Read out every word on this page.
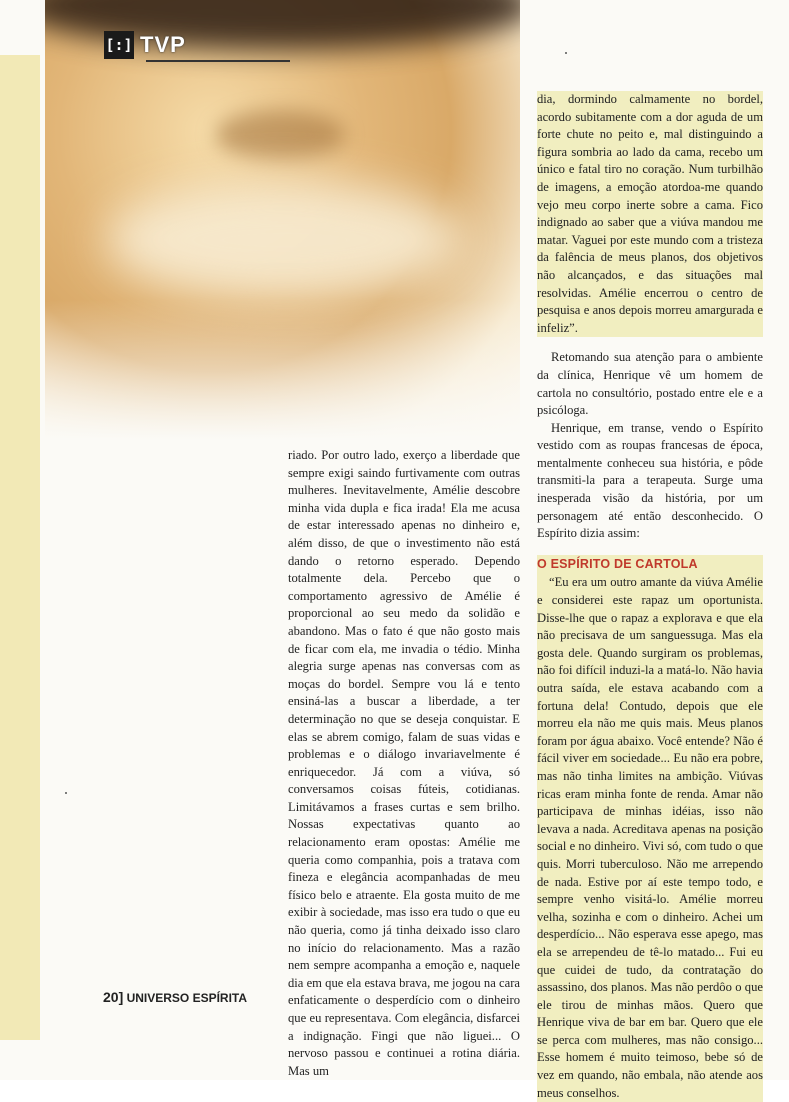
[:] TVP

riado. Por outro lado, exerço a liberdade que sempre exigi saindo furtivamente com outras mulheres. Inevitavelmente, Amélie descobre minha vida dupla e fica irada! Ela me acusa de estar interessado apenas no dinheiro e, além disso, de que o investimento não está dando o retorno esperado. Dependo totalmente dela. Percebo que o comportamento agressivo de Amélie é proporcional ao seu medo da solidão e abandono. Mas o fato é que não gosto mais de ficar com ela, me invadia o tédio. Minha alegria surge apenas nas conversas com as moças do bordel. Sempre vou lá e tento ensiná-las a buscar a liberdade, a ter determinação no que se deseja conquistar. E elas se abrem comigo, falam de suas vidas e problemas e o diálogo invariavelmente é enriquecedor. Já com a viúva, só conversamos coisas fúteis, cotidianas. Limitávamos a frases curtas e sem brilho. Nossas expectativas quanto ao relacionamento eram opostas: Amélie me queria como companhia, pois a tratava com fineza e elegância acompanhadas de meu físico belo e atraente. Ela gosta muito de me exibir à sociedade, mas isso era tudo o que eu não queria, como já tinha deixado isso claro no início do relacionamento. Mas a razão nem sempre acompanha a emoção e, naquele dia em que ela estava brava, me jogou na cara enfaticamente o desperdício com o dinheiro que eu representava. Com elegância, disfarcei a indignação. Fingi que não liguei... O nervoso passou e continuei a rotina diária. Mas um

dia, dormindo calmamente no bordel, acordo subitamente com a dor aguda de um forte chute no peito e, mal distinguindo a figura sombria ao lado da cama, recebo um único e fatal tiro no coração. Num turbilhão de imagens, a emoção atordoa-me quando vejo meu corpo inerte sobre a cama. Fico indignado ao saber que a viúva mandou me matar. Vaguei por este mundo com a tristeza da falência de meus planos, dos objetivos não alcançados, e das situações mal resolvidas. Amélie encerrou o centro de pesquisa e anos depois morreu amargurada e infeliz”.

Retomando sua atenção para o ambiente da clínica, Henrique vê um homem de cartola no consultório, postado entre ele e a psicóloga.

Henrique, em transe, vendo o Espírito vestido com as roupas francesas de época, mentalmente conheceu sua história, e pôde transmiti-la para a terapeuta. Surge uma inesperada visão da história, por um personagem até então desconhecido. O Espírito dizia assim:

O ESPÍRITO DE CARTOLA

“Eu era um outro amante da viúva Amélie e considerei este rapaz um oportunista. Disse-lhe que o rapaz a explorava e que ela não precisava de um sanguessuga. Mas ela gosta dele. Quando surgiram os problemas, não foi difícil induzi-la a matá-lo. Não havia outra saída, ele estava acabando com a fortuna dela! Contudo, depois que ele morreu ela não me quis mais. Meus planos foram por água abaixo. Você entende? Não é fácil viver em sociedade... Eu não era pobre, mas não tinha limites na ambição. Viúvas ricas eram minha fonte de renda. Amar não participava de minhas idéias, isso não levava a nada. Acreditava apenas na posição social e no dinheiro. Vivi só, com tudo o que quis. Morri tuberculoso. Não me arrependo de nada. Estive por aí este tempo todo, e sempre venho visitá-lo. Amélie morreu velha, sozinha e com o dinheiro. Achei um desperdício... Não esperava esse apego, mas ela se arrependeu de tê-lo matado... Fui eu que cuidei de tudo, da contratação do assassino, dos planos. Mas não perdôo o que ele tirou de minhas mãos. Quero que Henrique viva de bar em bar. Quero que ele se perca com mulheres, mas não consigo... Esse homem é muito teimoso, bebe só de vez em quando, não embala, não atende aos meus conselhos.

20] UNIVERSO ESPÍRITA
